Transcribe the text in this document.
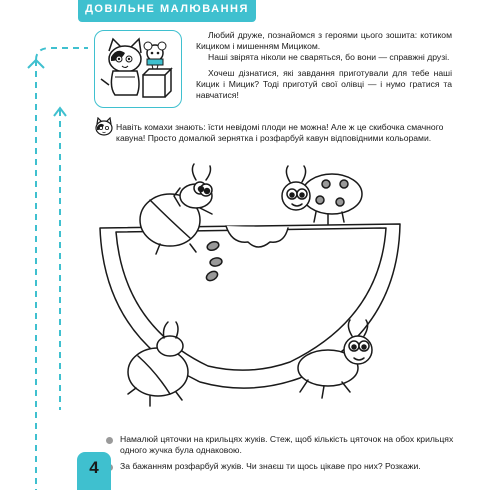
ДОВІЛЬНЕ МАЛЮВАННЯ

Любий друже, познайомся з героями цього зошита: котиком Кициком і мишенням Мициком.

Наші звірята ніколи не сваряться, бо вони — справжні друзі.

Хочеш дізнатися, які завдання приготували для тебе наші Кицик і Мицик? Тоді приготуй свої олівці — і нумо гратися та навчатися!

Навіть комахи знають: їсти невідомі плоди не можна! Але ж це скибочка смачного кавуна! Просто домалюй зернятка і розфарбуй кавун відповідними кольорами.
Намалюй цяточки на крильцях жуків. Стеж, щоб кількість цяточок на обох крильцях одного жучка була однаковою.
За бажанням розфарбуй жуків. Чи знаєш ти щось цікаве про них? Розкажи.
4
